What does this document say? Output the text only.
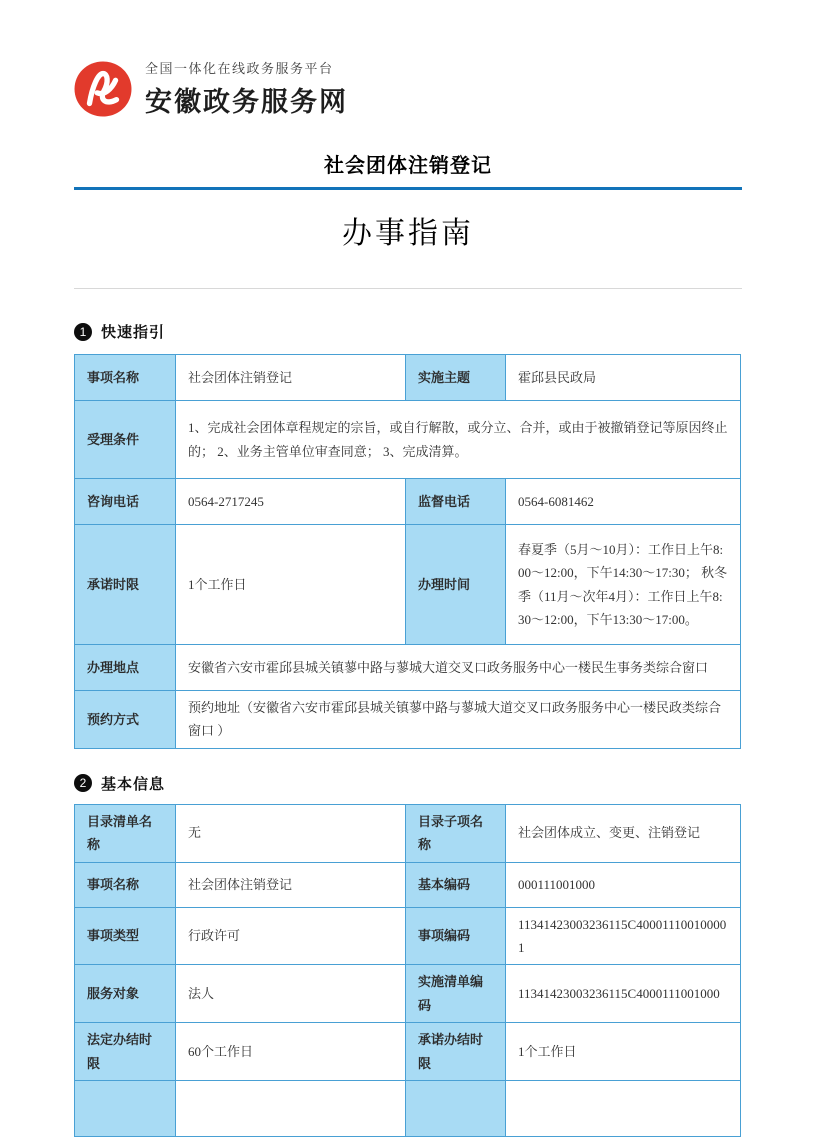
全国一体化在线政务服务平台
安徽政务服务网
社会团体注销登记
办事指南
1 快速指引
事项名称	社会团体注销登记	实施主题	霍邱县民政局
受理条件	1、完成社会团体章程规定的宗旨，或自行解散，或分立、合并，或由于被撤销登记等原因终止的； 2、业务主管单位审查同意； 3、完成清算。		
咨询电话	0564-2717245	监督电话	0564-6081462
承诺时限	1个工作日	办理时间	春夏季（5月～10月）：工作日上午8:00～12:00，下午14:30～17:30； 秋冬季（11月～次年4月）：工作日上午8:30～12:00，下午13:30～17:00。
办理地点	安徽省六安市霍邱县城关镇蓼中路与蓼城大道交叉口政务服务中心一楼民生事务类综合窗口		
预约方式	预约地址（安徽省六安市霍邱县城关镇蓼中路与蓼城大道交叉口政务服务中心一楼民政类综合窗口 ）		
2 基本信息
目录清单名称	无	目录子项名称	社会团体成立、变更、注销登记
事项名称	社会团体注销登记	基本编码	000111001000
事项类型	行政许可	事项编码	11341423003236115C400011100100001
服务对象	法人	实施清单编码	11341423003236115C4000111001000
法定办结时限	60个工作日	承诺办结时限	1个工作日
